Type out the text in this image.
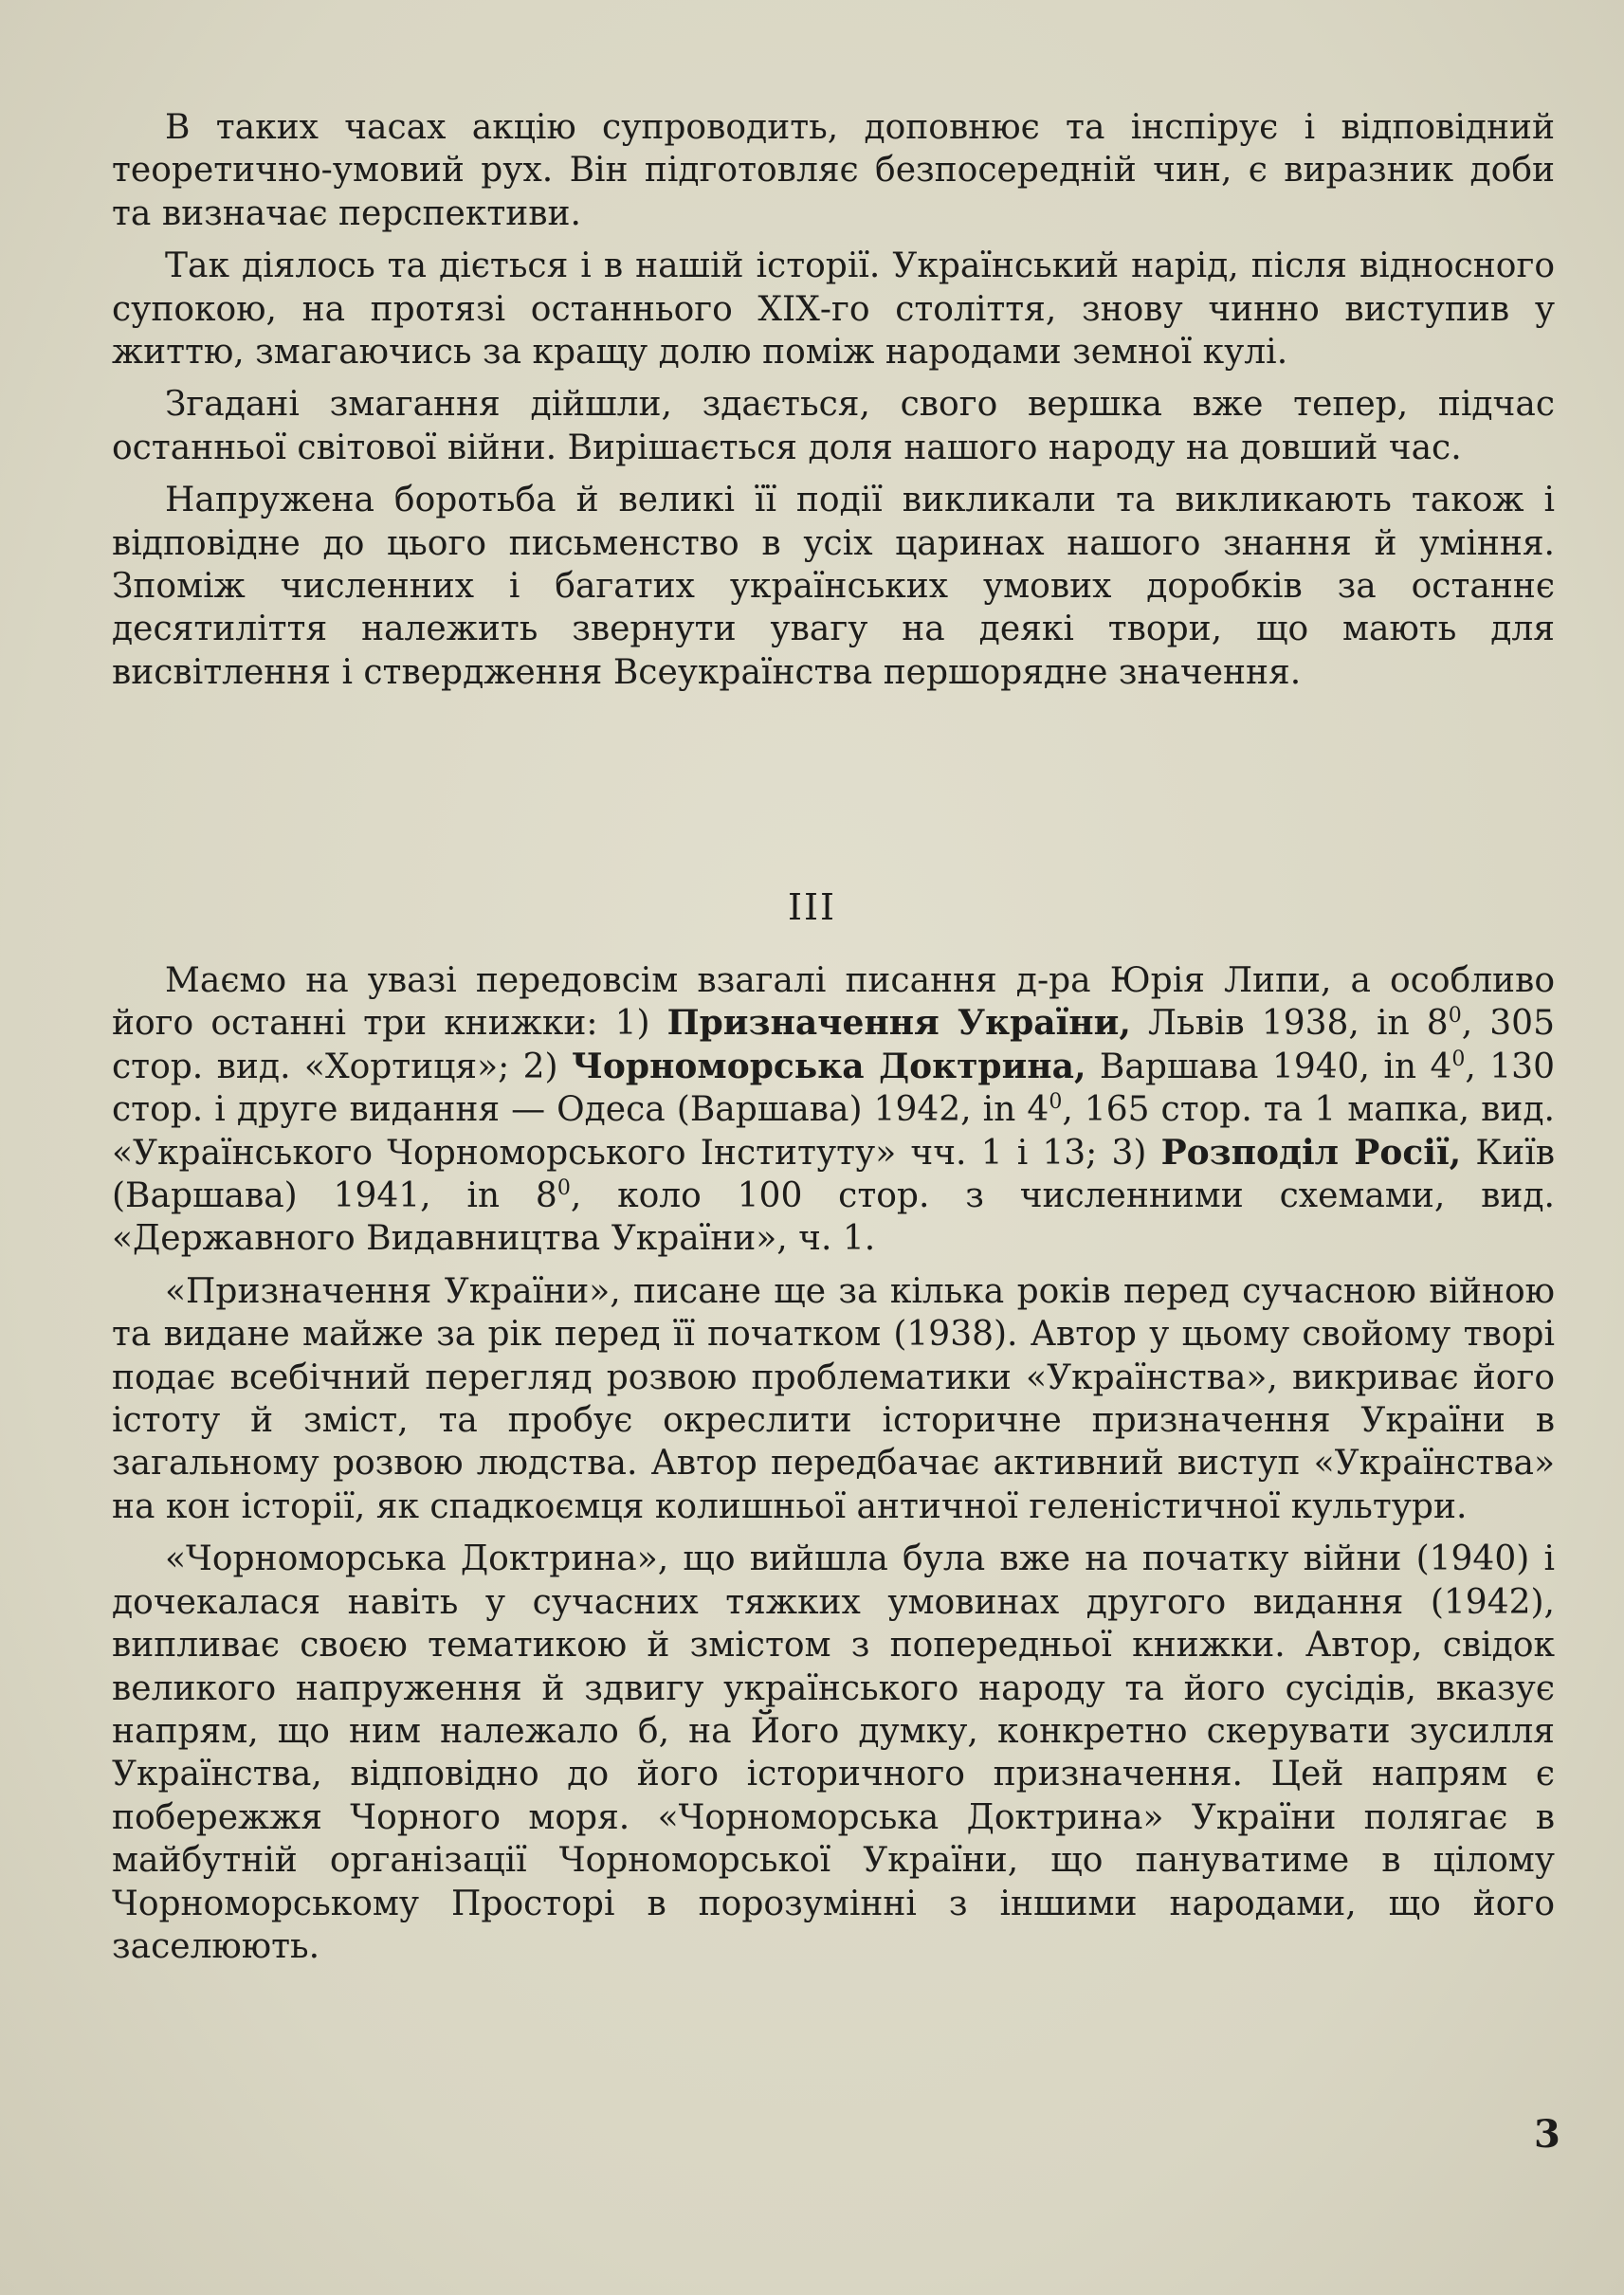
В таких часах акцію супроводить, доповнює та інспірує і відповідний теоретично-умовий рух. Він підготовляє безпосередній чин, є виразник доби та визначає перспективи.

Так діялось та діється і в нашій історії. Український нарід, після відносного супокою, на протязі останнього ХІХ-го століття, знову чинно виступив у життю, змагаючись за кращу долю поміж народами земної кулі.

Згадані змагання дійшли, здається, свого вершка вже тепер, підчас останньої світової війни. Вирішається доля нашого народу на довший час.

Напружена боротьба й великі її події викликали та викликають також і відповідне до цього письменство в усіх царинах нашого знання й уміння. Зпоміж численних і багатих українських умових доробків за останнє десятиліття належить звернути увагу на деякі твори, що мають для висвітлення і ствердження Всеукраїнства першорядне значення.

III

Маємо на увазі передовсім взагалі писання д-ра Юрія Липи, а особливо його останні три книжки: 1) Призначення України, Львів 1938, in $8^0$, 305 стор. вид. «Хортиця»; 2) Чорноморська Доктрина, Варшава 1940, in $4^0$, 130 стор. і друге видання — Одеса (Варшава) 1942, in $4^0$, 165 стор. та 1 мапка, вид. «Українського Чорноморського Інституту» чч. 1 і 13; 3) Розподіл Росії, Київ (Варшава) 1941, in $8^0$, коло 100 стор. з численними схемами, вид. «Державного Видавництва України», ч. 1.

«Призначення України», писане ще за кілька років перед сучасною війною та видане майже за рік перед її початком (1938). Автор у цьому свойому творі подає всебічний перегляд розвою проблематики «Українства», викриває його істоту й зміст, та пробує окреслити історичне призначення України в загальному розвою людства. Автор передбачає активний виступ «Українства» на кон історії, як спадкоємця колишньої античної геленістичної культури.

«Чорноморська Доктрина», що вийшла була вже на початку війни (1940) і дочекалася навіть у сучасних тяжких умовинах другого видання (1942), випливає своєю тематикою й змістом з попередньої книжки. Автор, свідок великого напруження й здвигу українського народу та його сусідів, вказує напрям, що ним належало б, на Його думку, конкретно скерувати зусилля Українства, відповідно до його історичного призначення. Цей напрям є побережжя Чорного моря. «Чорноморська Доктрина» України полягає в майбутній організації Чорноморської України, що пануватиме в цілому Чорноморському Просторі в порозумінні з іншими народами, що його заселюють.

3
